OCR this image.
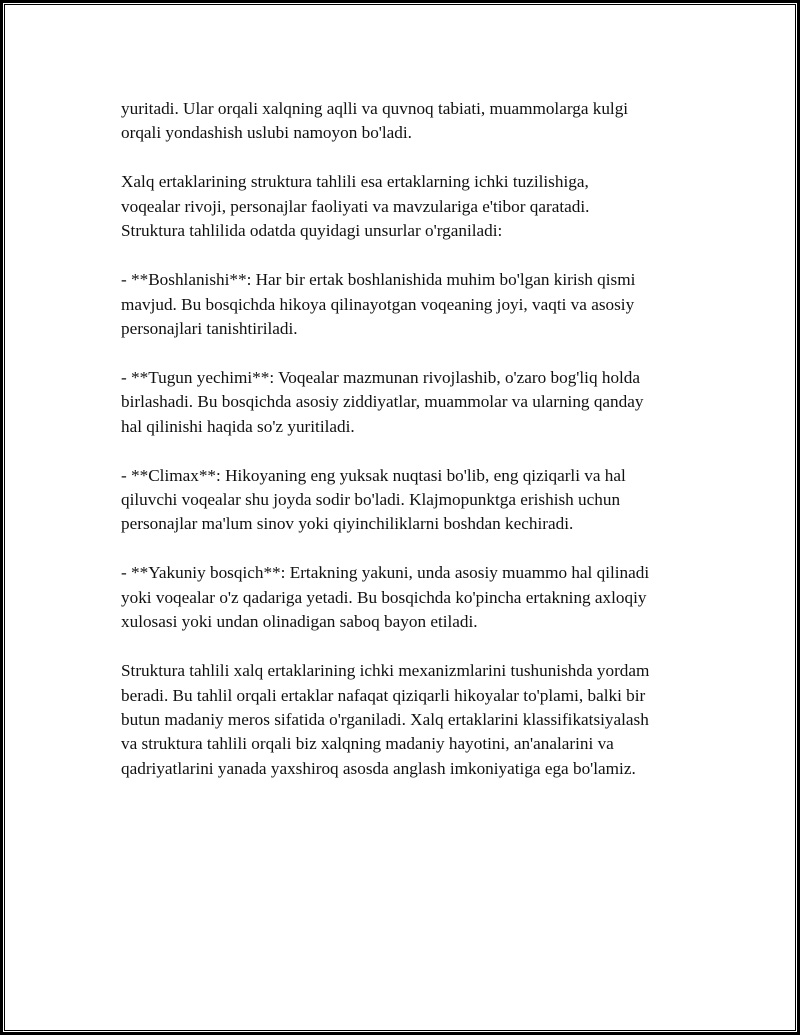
yuritadi. Ular orqali xalqning aqlli va quvnoq tabiati, muammolarga kulgi
orqali yondashish uslubi namoyon bo'ladi.
Xalq ertaklarining struktura tahlili esa ertaklarning ichki tuzilishiga,
voqealar rivoji, personajlar faoliyati va mavzulariga e'tibor qaratadi.
Struktura tahlilida odatda quyidagi unsurlar o'rganiladi:
- **Boshlanishi**: Har bir ertak boshlanishida muhim bo'lgan kirish qismi
mavjud. Bu bosqichda hikoya qilinayotgan voqeaning joyi, vaqti va asosiy
personajlari tanishtiriladi.
- **Tugun yechimi**: Voqealar mazmunan rivojlashib, o'zaro bog'liq holda
birlashadi. Bu bosqichda asosiy ziddiyatlar, muammolar va ularning qanday
hal qilinishi haqida so'z yuritiladi.
- **Climax**: Hikoyaning eng yuksak nuqtasi bo'lib, eng qiziqarli va hal
qiluvchi voqealar shu joyda sodir bo'ladi. Klajmopunktga erishish uchun
personajlar ma'lum sinov yoki qiyinchiliklarni boshdan kechiradi.
- **Yakuniy bosqich**: Ertakning yakuni, unda asosiy muammo hal qilinadi
yoki voqealar o'z qadariga yetadi. Bu bosqichda ko'pincha ertakning axloqiy
xulosasi yoki undan olinadigan saboq bayon etiladi.
Struktura tahlili xalq ertaklarining ichki mexanizmlarini tushunishda yordam
beradi. Bu tahlil orqali ertaklar nafaqat qiziqarli hikoyalar to'plami, balki bir
butun madaniy meros sifatida o'rganiladi. Xalq ertaklarini klassifikatsiyalash
va struktura tahlili orqali biz xalqning madaniy hayotini, an'analarini va
qadriyatlarini yanada yaxshiroq asosda anglash imkoniyatiga ega bo'lamiz.
